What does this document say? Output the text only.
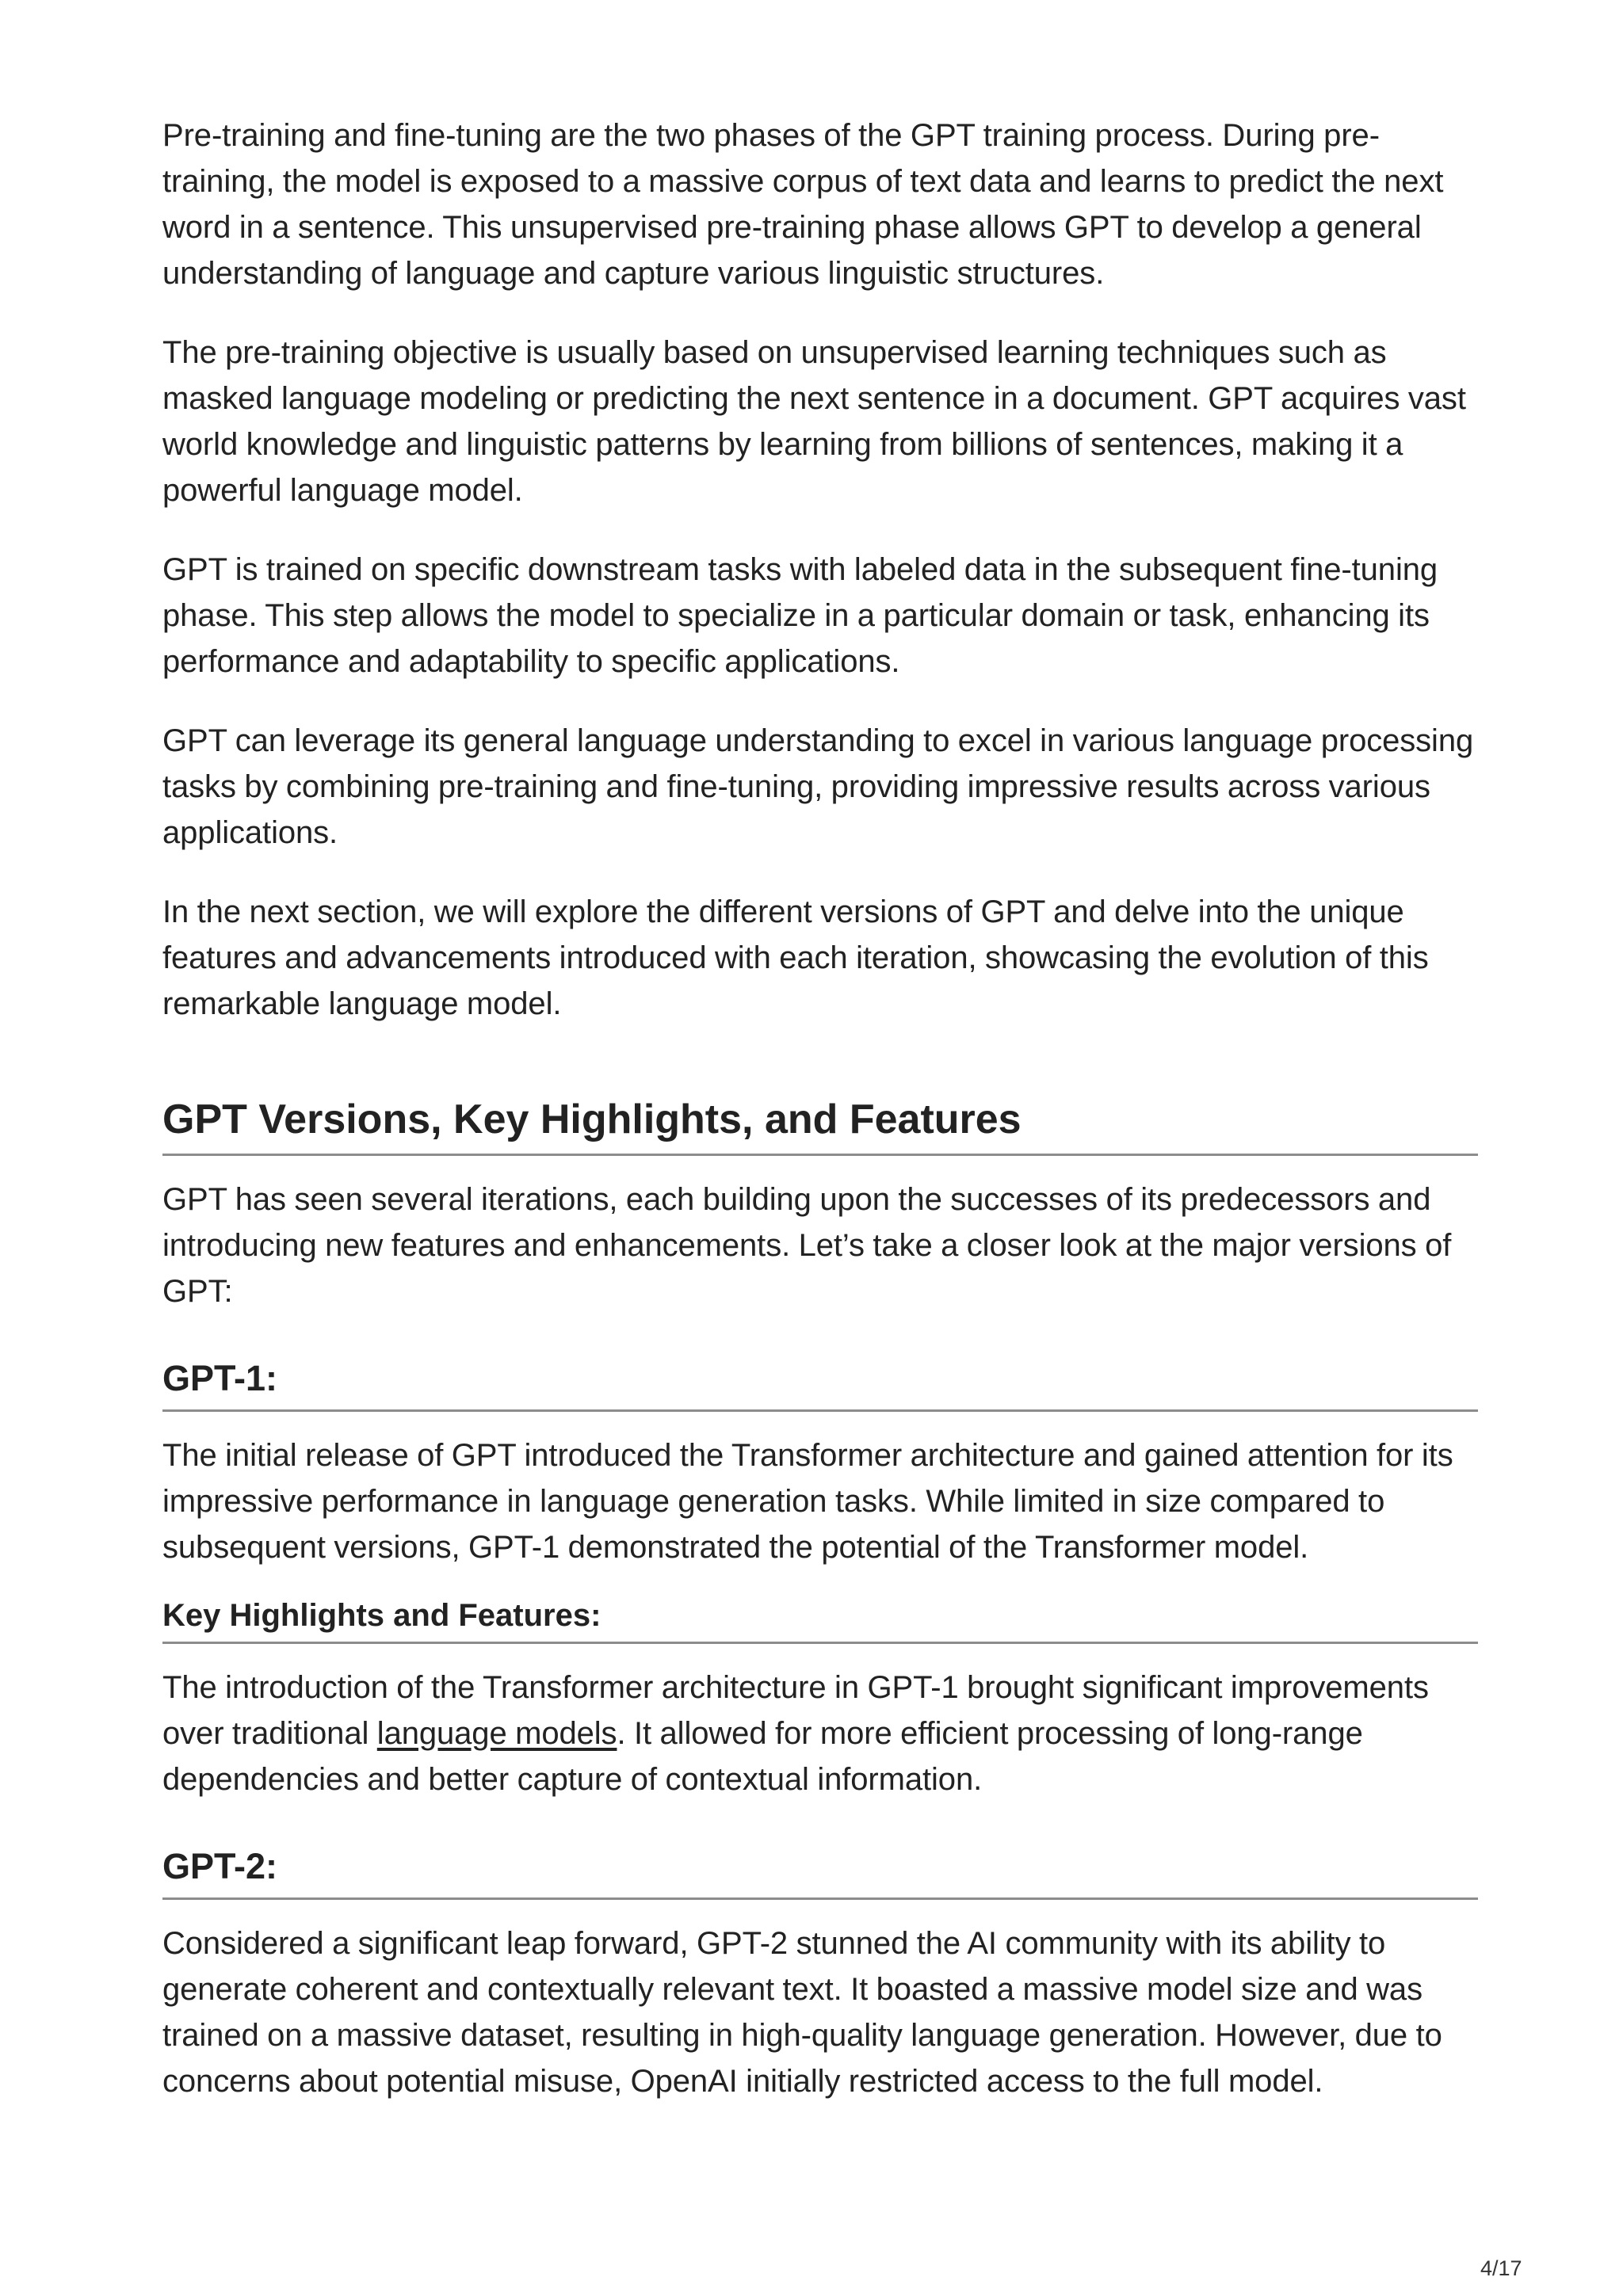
Pre-training and fine-tuning are the two phases of the GPT training process. During pre-training, the model is exposed to a massive corpus of text data and learns to predict the next word in a sentence. This unsupervised pre-training phase allows GPT to develop a general understanding of language and capture various linguistic structures.

The pre-training objective is usually based on unsupervised learning techniques such as masked language modeling or predicting the next sentence in a document. GPT acquires vast world knowledge and linguistic patterns by learning from billions of sentences, making it a powerful language model.

GPT is trained on specific downstream tasks with labeled data in the subsequent fine-tuning phase. This step allows the model to specialize in a particular domain or task, enhancing its performance and adaptability to specific applications.

GPT can leverage its general language understanding to excel in various language processing tasks by combining pre-training and fine-tuning, providing impressive results across various applications.

In the next section, we will explore the different versions of GPT and delve into the unique features and advancements introduced with each iteration, showcasing the evolution of this remarkable language model.

GPT Versions, Key Highlights, and Features

GPT has seen several iterations, each building upon the successes of its predecessors and introducing new features and enhancements. Let’s take a closer look at the major versions of GPT:

GPT-1:

The initial release of GPT introduced the Transformer architecture and gained attention for its impressive performance in language generation tasks. While limited in size compared to subsequent versions, GPT-1 demonstrated the potential of the Transformer model.

Key Highlights and Features:

The introduction of the Transformer architecture in GPT-1 brought significant improvements over traditional language models. It allowed for more efficient processing of long-range dependencies and better capture of contextual information.

GPT-2:

Considered a significant leap forward, GPT-2 stunned the AI community with its ability to generate coherent and contextually relevant text. It boasted a massive model size and was trained on a massive dataset, resulting in high-quality language generation. However, due to concerns about potential misuse, OpenAI initially restricted access to the full model.

4/17
